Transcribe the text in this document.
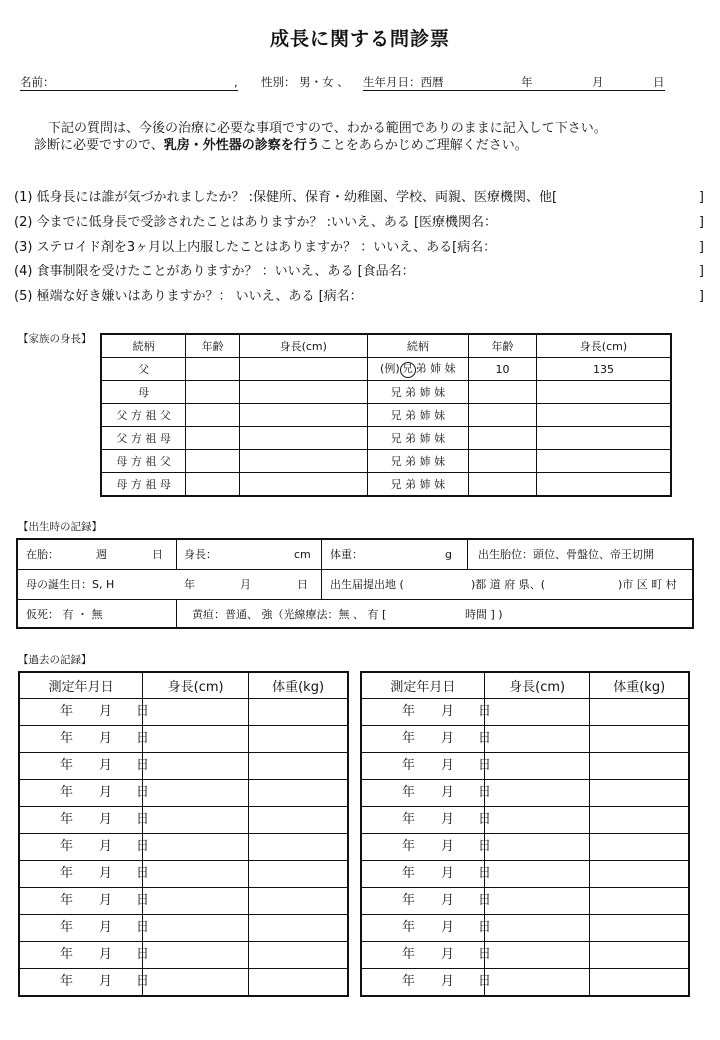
成長に関する問診票
名前：	, 性別： 男・女 、 生年月日：西暦	年	月	日
下記の質問は、今後の治療に必要な事項ですので、わかる範囲でありのままに記入して下さい。
診断に必要ですので、乳房・外性器の診察を行うことをあらかじめご理解ください。
(1) 低身長には誰が気づかれましたか？ :保健所、保育・幼稚園、学校、両親、医療機関、他[	]
(2) 今までに低身長で受診されたことはありますか？ :いいえ、ある [医療機関名：	]
(3) ステロイド剤を3ヶ月以上内服したことはありますか？ ：いいえ、ある[病名：	]
(4) 食事制限を受けたことがありますか？ ：いいえ、ある [食品名：	]
(5) 極端な好き嫌いはありますか？： いいえ、ある [病名：	]
【家族の身長】
続柄	年齢	身長(cm)	続柄	年齢	身長(cm)
父			(例) 兄 弟 姉 妹	10	135
母			兄 弟 姉 妹		
父 方 祖 父			兄 弟 姉 妹		
父 方 祖 母			兄 弟 姉 妹		
母 方 祖 父			兄 弟 姉 妹		
母 方 祖 母			兄 弟 姉 妹		
【出生時の記録】
在胎：	週	日 身長：	cm 体重：	g 出生胎位：頭位、骨盤位、帝王切開
母の誕生日：S, H	年	月	日 出生届提出地 (	)都 道 府 県、(	)市 区 町 村
仮死： 有 ・ 無	黄疸：普通、 強（光線療法：無 、 有 [	時間 ] )
【過去の記録】
測定年月日	身長(cm)	体重(kg)

年 月 日		

年 月 日		

年 月 日		

年 月 日		

年 月 日		

年 月 日		

年 月 日		

年 月 日		

年 月 日		

年 月 日		

年 月 日		

測定年月日	身長(cm)	体重(kg)

年 月 日		

年 月 日		

年 月 日		

年 月 日		

年 月 日		

年 月 日		

年 月 日		

年 月 日		

年 月 日		

年 月 日		

年 月 日		
